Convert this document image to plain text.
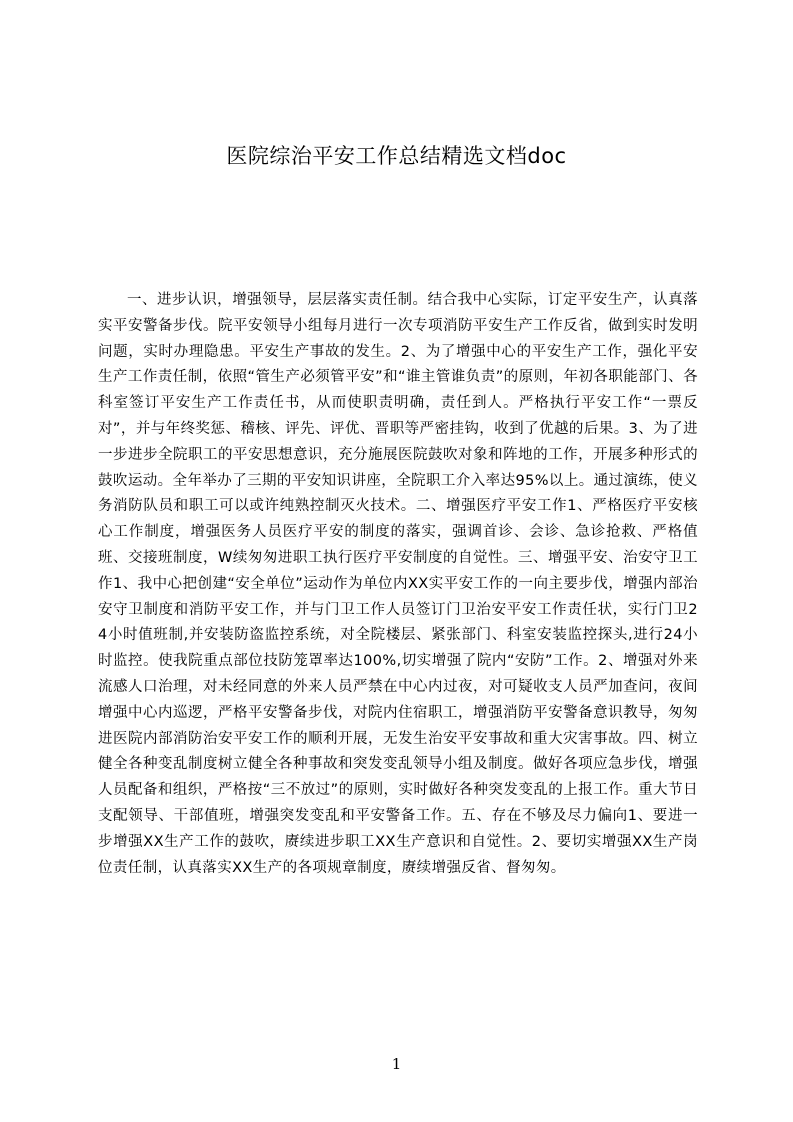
医院综治平安工作总结精选文档doc

一、进步认识，增强领导，层层落实责任制。结合我中心实际，订定平安生产，认真落实平安警备步伐。院平安领导小组每月进行一次专项消防平安生产工作反省，做到实时发明问题，实时办理隐患。平安生产事故的发生。2、为了增强中心的平安生产工作，强化平安生产工作责任制，依照“管生产必须管平安”和“谁主管谁负责”的原则，年初各职能部门、各科室签订平安生产工作责任书，从而使职责明确，责任到人。严格执行平安工作“一票反对”，并与年终奖惩、稽核、评先、评优、晋职等严密挂钩，收到了优越的后果。3、为了进一步进步全院职工的平安思想意识，充分施展医院鼓吹对象和阵地的工作，开展多种形式的鼓吹运动。全年举办了三期的平安知识讲座，全院职工介入率达95%以上。通过演练，使义务消防队员和职工可以或许纯熟控制灭火技术。二、增强医疗平安工作1、严格医疗平安核心工作制度，增强医务人员医疗平安的制度的落实，强调首诊、会诊、急诊抢救、严格值班、交接班制度，W续匆匆进职工执行医疗平安制度的自觉性。三、增强平安、治安守卫工作1、我中心把创建“安全单位”运动作为单位内XX实平安工作的一向主要步伐，增强内部治安守卫制度和消防平安工作，并与门卫工作人员签订门卫治安平安工作责任状，实行门卫24小时值班制,并安装防盗监控系统，对全院楼层、紧张部门、科室安装监控探头,进行24小时监控。使我院重点部位技防笼罩率达100%,切实增强了院内“安防”工作。2、增强对外来流感人口治理，对未经同意的外来人员严禁在中心内过夜，对可疑收支人员严加查问，夜间增强中心内巡逻，严格平安警备步伐，对院内住宿职工，增强消防平安警备意识教导，匆匆进医院内部消防治安平安工作的顺利开展，无发生治安平安事故和重大灾害事故。四、树立健全各种变乱制度树立健全各种事故和突发变乱领导小组及制度。做好各项应急步伐，增强人员配备和组织，严格按“三不放过”的原则，实时做好各种突发变乱的上报工作。重大节日支配领导、干部值班，增强突发变乱和平安警备工作。五、存在不够及尽力偏向1、要进一步增强XX生产工作的鼓吹，赓续进步职工XX生产意识和自觉性。2、要切实增强XX生产岗位责任制，认真落实XX生产的各项规章制度，赓续增强反省、督匆匆。

1
